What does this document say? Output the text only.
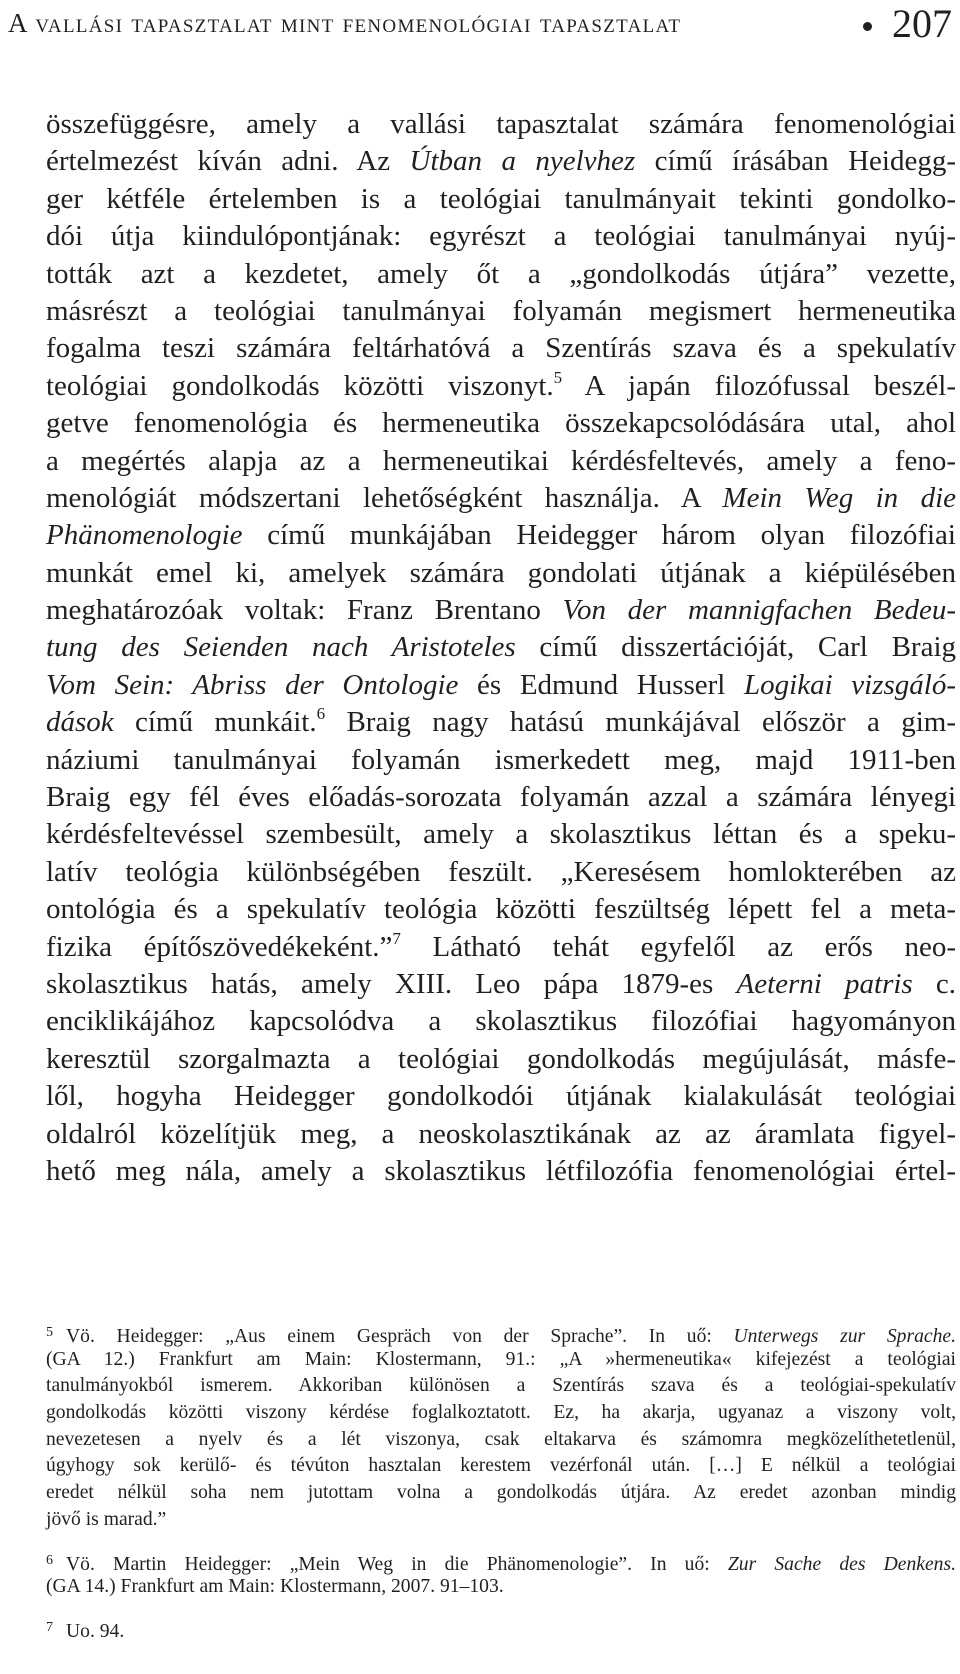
A vallási tapasztalat mint fenomenológiai tapasztalat	207
összefüggésre, amely a vallási tapasztalat számára fenomenológiai
értelmezést kíván adni. Az Útban a nyelvhez című írásában Heidegg-
ger kétféle értelemben is a teológiai tanulmányait tekinti gondolko-
dói útja kiindulópontjának: egyrészt a teológiai tanulmányai nyúj-
tották azt a kezdetet, amely őt a „gondolkodás útjára” vezette,
másrészt a teológiai tanulmányai folyamán megismert hermeneutika
fogalma teszi számára feltárhatóvá a Szentírás szava és a spekulatív
teológiai gondolkodás közötti viszonyt.$^5$ A japán filozófussal beszél-
getve fenomenológia és hermeneutika összekapcsolódására utal, ahol
a megértés alapja az a hermeneutikai kérdésfeltevés, amely a feno-
menológiát módszertani lehetőségként használja. A Mein Weg in die
Phänomenologie című munkájában Heidegger három olyan filozófiai
munkát emel ki, amelyek számára gondolati útjának a kiépülésében
meghatározóak voltak: Franz Brentano Von der mannigfachen Bedeu-
tung des Seienden nach Aristoteles című disszertációját, Carl Braig
Vom Sein: Abriss der Ontologie és Edmund Husserl Logikai vizsgáló-
dások című munkáit.$^6$ Braig nagy hatású munkájával először a gim-
náziumi tanulmányai folyamán ismerkedett meg, majd 1911-ben
Braig egy fél éves előadás-sorozata folyamán azzal a számára lényegi
kérdésfeltevéssel szembesült, amely a skolasztikus léttan és a speku-
latív teológia különbségében feszült. „Keresésem homlokterében az
ontológia és a spekulatív teológia közötti feszültség lépett fel a meta-
fizika építőszövedékeként.”$^7$ Látható tehát egyfelől az erős neo-
skolasztikus hatás, amely XIII. Leo pápa 1879-es Aeterni patris c.
enciklikájához kapcsolódva a skolasztikus filozófiai hagyományon
keresztül szorgalmazta a teológiai gondolkodás megújulását, másfe-
lől, hogyha Heidegger gondolkodói útjának kialakulását teológiai
oldalról közelítjük meg, a neoskolasztikának az az áramlata figyel-
hető meg nála, amely a skolasztikus létfilozófia fenomenológiai értel-
5 Vö. Heidegger: „Aus einem Gespräch von der Sprache”. In uő: Unterwegs zur Sprache.
(GA 12.) Frankfurt am Main: Klostermann, 91.: „A »hermeneutika« kifejezést a teológiai
tanulmányokból ismerem. Akkoriban különösen a Szentírás szava és a teológiai-spekulatív
gondolkodás közötti viszony kérdése foglalkoztatott. Ez, ha akarja, ugyanaz a viszony volt,
nevezetesen a nyelv és a lét viszonya, csak eltakarva és számomra megközelíthetetlenül,
úgyhogy sok kerülő- és tévúton hasztalan kerestem vezérfonál után. […] E nélkül a teológiai
eredet nélkül soha nem jutottam volna a gondolkodás útjára. Az eredet azonban mindig
jövő is marad.”
6 Vö. Martin Heidegger: „Mein Weg in die Phänomenologie”. In uő: Zur Sache des Denkens.
(GA 14.) Frankfurt am Main: Klostermann, 2007. 91–103.
7 Uo. 94.
